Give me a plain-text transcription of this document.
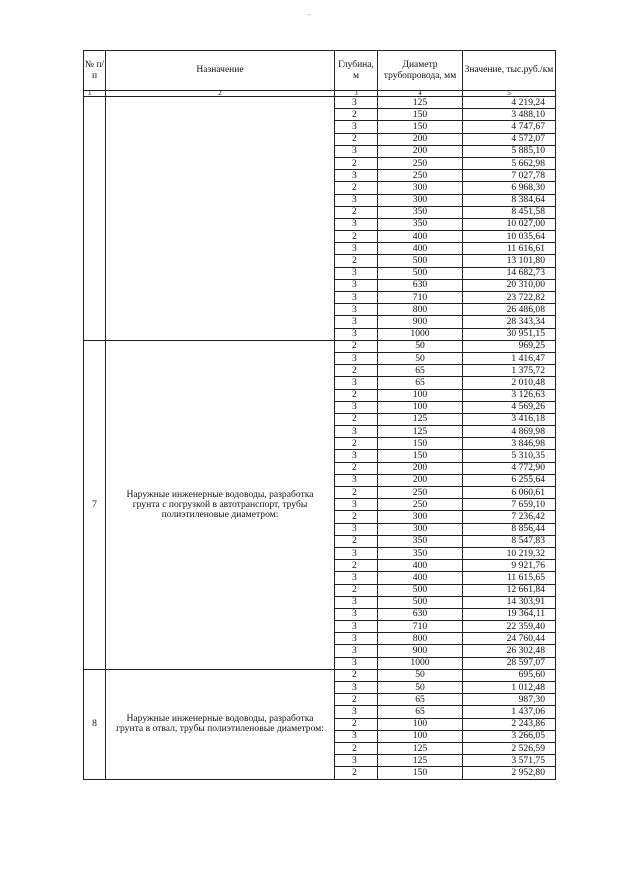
-
№ п/п	Назначение	Глубина, м	Диаметр трубопровода, мм	Значение, тыс.руб./км
1	2	3	4	5
		3	125	4 219,24
		2	150	3 488,10
		3	150	4 747,67
		2	200	4 572,07
		3	200	5 885,10
		2	250	5 662,98
		3	250	7 027,78
		2	300	6 968,30
		3	300	8 384,64
		2	350	8 451,58
		3	350	10 027,00
		2	400	10 035,64
		3	400	11 616,61
		2	500	13 101,80
		3	500	14 682,73
		3	630	20 310,00
		3	710	23 722,82
		3	800	26 486,08
		3	900	28 343,34
		3	1000	30 951,15
7	Наружные инженерные водоводы, разработка грунта с погрузкой в автотранспорт, трубы полиэтиленовые диаметром:	2	50	969,25
		3	50	1 416,47
		2	65	1 375,72
		3	65	2 010,48
		2	100	3 126,63
		3	100	4 569,26
		2	125	3 416,18
		3	125	4 869,98
		2	150	3 846,98
		3	150	5 310,35
		2	200	4 772,90
		3	200	6 255,64
		2	250	6 060,61
		3	250	7 659,10
		2	300	7 236,42
		3	300	8 856,44
		2	350	8 547,83
		3	350	10 219,32
		2	400	9 921,76
		3	400	11 615,65
		2	500	12 661,84
		3	500	14 303,91
		3	630	19 364,11
		3	710	22 359,40
		3	800	24 760,44
		3	900	26 302,48
		3	1000	28 597,07
8	Наружные инженерные водоводы, разработка грунта в отвал, трубы полиэтиленовые диаметром:	2	50	695,60
		3	50	1 012,48
		2	65	987,30
		3	65	1 437,06
		2	100	2 243,86
		3	100	3 266,05
		2	125	2 526,59
		3	125	3 571,75
		2	150	2 952,80
